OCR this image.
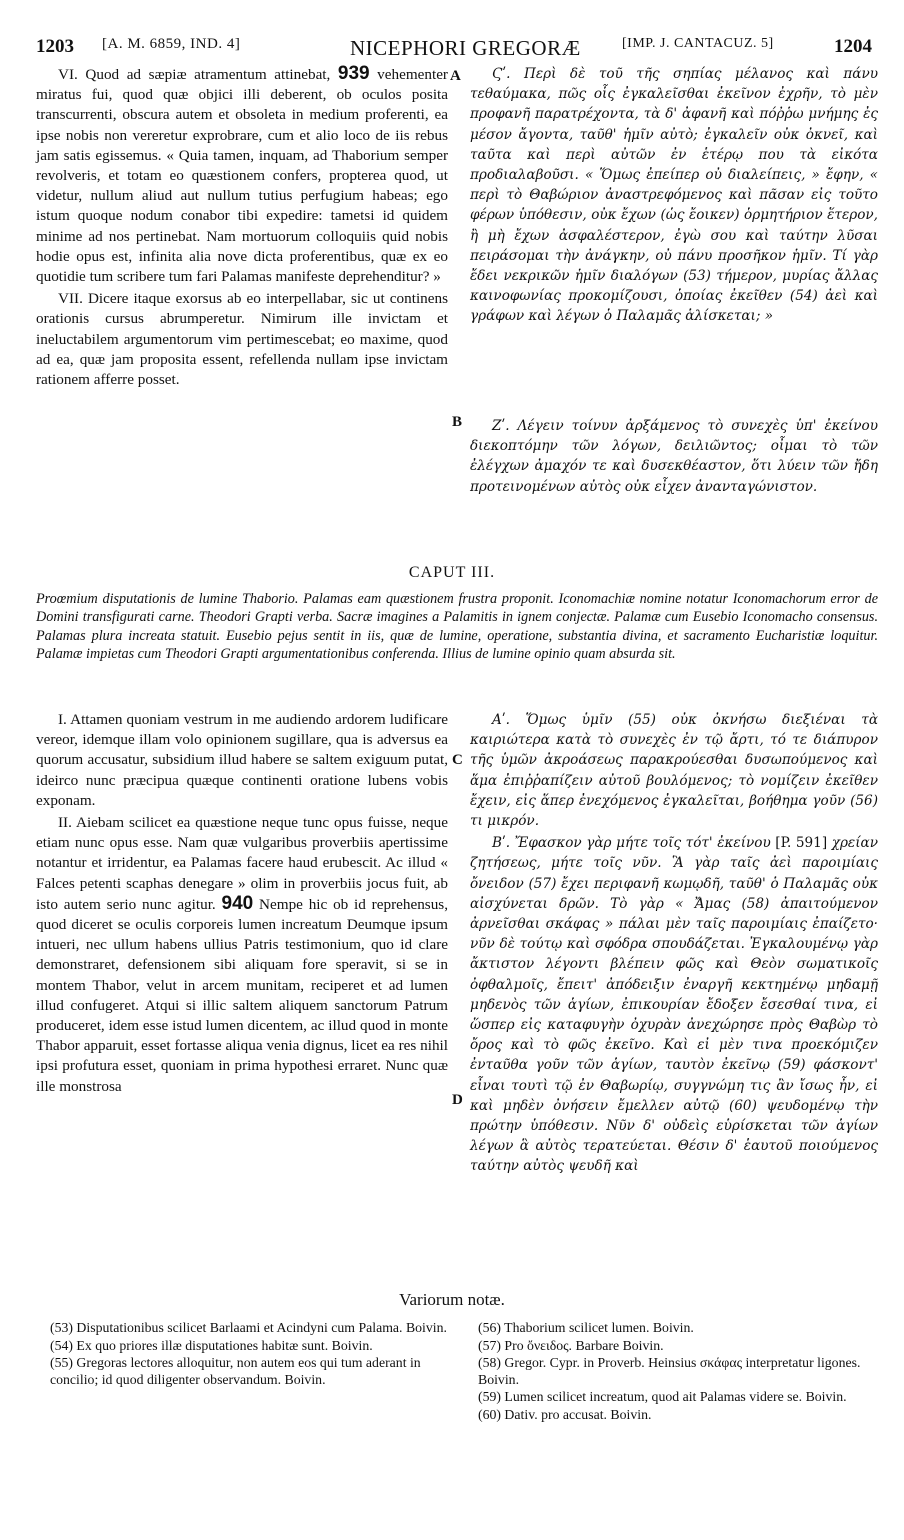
1203 [A. M. 6859, IND. 4]	NICEPHORI GREGORÆ	[IMP. J. CANTACUZ. 5]	1204

VI. Quod ad sæpiæ atramentum attinebat, 939 vehementer miratus fui, quod quæ objici illi deberent, ob oculos posita transcurrenti, obscura autem et obsoleta in medium proferenti, ea ipse nobis non vereretur exprobrare, cum et alio loco de iis rebus jam satis egissemus. « Quia tamen, inquam, ad Thaborium semper revolveris, et totam eo quæstionem confers, propterea quod, ut videtur, nullum aliud aut nullum tutius perfugium habeas; ego istum quoque nodum conabor tibi expedire: tametsi id quidem minime ad nos pertinebat. Nam mortuorum colloquiis quid nobis hodie opus est, infinita alia nove dicta proferentibus, quæ ex eo quotidie tum scribere tum fari Palamas manifeste deprehenditur? »

VII. Dicere itaque exorsus ab eo interpellabar, sic ut continens orationis cursus abrumperetur. Nimirum ille invictam et ineluctabilem argumentorum vim pertimescebat; eo maxime, quod ad ea, quæ jam proposita essent, refellenda nullam ipse invictam rationem afferre posset.

A
B

Ϛʹ. Περὶ δὲ τοῦ τῆς σηπίας μέλανος καὶ πάνυ τεθαύμακα, πῶς οἷς ἐγκαλεῖσθαι ἐκεῖνον ἐχρῆν, τὸ μὲν προφανῆ παρατρέχοντα, τὰ δ' ἀφανῆ καὶ πόῤῥω μνήμης ἐς μέσον ἄγοντα, ταῦθ' ἡμῖν αὐτὸ; ἐγκαλεῖν οὐκ ὀκνεῖ, καὶ ταῦτα καὶ περὶ αὐτῶν ἐν ἑτέρῳ που τὰ εἰκότα προδιαλαβοῦσι. « Ὅμως ἐπείπερ οὐ διαλείπεις, » ἔφην, « περὶ τὸ Θαβώριον ἀναστρεφόμενος καὶ πᾶσαν εἰς τοῦτο φέρων ὑπόθεσιν, οὐκ ἔχων (ὡς ἔοικεν) ὁρμητήριον ἕτερον, ἢ μὴ ἔχων ἀσφαλέστερον, ἐγὼ σου καὶ ταύτην λῦσαι πειράσομαι τὴν ἀνάγκην, οὐ πάνυ προσῆκον ἡμῖν. Τί γὰρ ἔδει νεκρικῶν ἡμῖν διαλόγων (53) τήμερον, μυρίας ἄλλας καινοφωνίας προκομίζουσι, ὁποίας ἐκεῖθεν (54) ἀεὶ καὶ γράφων καὶ λέγων ὁ Παλαμᾶς ἁλίσκεται; »

Ζʹ. Λέγειν τοίνυν ἀρξάμενος τὸ συνεχὲς ὑπ' ἐκείνου διεκοπτόμην τῶν λόγων, δειλιῶντος; οἶμαι τὸ τῶν ἐλέγχων ἀμαχόν τε καὶ δυσεκθέαστον, ὅτι λύειν τῶν ἤδη προτεινομένων αὐτὸς οὐκ εἶχεν ἀνανταγώνιστον.

CAPUT III.
Proœmium disputationis de lumine Thaborio. Palamas eam quæstionem frustra proponit. Iconomachiæ nomine notatur Iconomachorum error de Domini transfigurati carne. Theodori Grapti verba. Sacræ imagines a Palamitis in ignem conjectæ. Palamæ cum Eusebio Iconomacho consensus. Palamas plura increata statuit. Eusebio pejus sentit in iis, quæ de lumine, operatione, substantia divina, et sacramento Eucharistiæ loquitur. Palamæ impietas cum Theodori Grapti argumentationibus conferenda. Illius de lumine opinio quam absurda sit.

I. Attamen quoniam vestrum in me audiendo ardorem ludificare vereor, idemque illam volo opinionem sugillare, qua is adversus ea quorum accusatur, subsidium illud habere se saltem exiguum putat, ideirco nunc præcipua quæque continenti oratione lubens vobis exponam.

II. Aiebam scilicet ea quæstione neque tunc opus fuisse, neque etiam nunc opus esse. Nam quæ vulgaribus proverbiis apertissime notantur et irridentur, ea Palamas facere haud erubescit. Ac illud « Falces petenti scaphas denegare » olim in proverbiis jocus fuit, ab isto autem serio nunc agitur. 940 Nempe hic ob id reprehensus, quod diceret se oculis corporeis lumen increatum Deumque ipsum intueri, nec ullum habens ullius Patris testimonium, quo id clare demonstraret, defensionem sibi aliquam fore speravit, si se in montem Thabor, velut in arcem munitam, reciperet et ad lumen illud confugeret. Atqui si illic saltem aliquem sanctorum Patrum produceret, idem esse istud lumen dicentem, ac illud quod in monte Thabor apparuit, esset fortasse aliqua venia dignus, licet ea res nihil ipsi profutura esset, quoniam in prima hypothesi erraret. Nunc quæ ille monstrosa

C
D

Αʹ. Ὅμως ὑμῖν (55) οὐκ ὀκνήσω διεξιέναι τὰ καιριώτερα κατὰ τὸ συνεχὲς ἐν τῷ ἄρτι, τό τε διάπυρον τῆς ὑμῶν ἀκροάσεως παρακρούεσθαι δυσωπούμενος καὶ ἅμα ἐπιῤῥαπίζειν αὐτοῦ βουλόμενος; τὸ νομίζειν ἐκεῖθεν ἔχειν, εἰς ἅπερ ἐνεχόμενος ἐγκαλεῖται, βοήθημα γοῦν (56) τι μικρόν.

Βʹ. Ἔφασκον γὰρ μήτε τοῖς τότ' ἐκείνου [P. 591] χρείαν ζητήσεως, μήτε τοῖς νῦν. Ἃ γὰρ ταῖς ἀεὶ παροιμίαις ὄνειδον (57) ἔχει περιφανῆ κωμῳδῆ, ταῦθ' ὁ Παλαμᾶς οὐκ αἰσχύνεται δρῶν. Τὸ γὰρ « Ἄμας (58) ἀπαιτούμενον ἀρνεῖσθαι σκάφας » πάλαι μὲν ταῖς παροιμίαις ἐπαίζετο· νῦν δὲ τούτῳ καὶ σφόδρα σπουδάζεται. Ἐγκαλουμένῳ γὰρ ἄκτιστον λέγοντι βλέπειν φῶς καὶ Θεὸν σωματικοῖς ὀφθαλμοῖς, ἔπειτ' ἀπόδειξιν ἐναργῆ κεκτημένῳ μηδαμῇ μηδενὸς τῶν ἁγίων, ἐπικουρίαν ἔδοξεν ἔσεσθαί τινα, εἰ ὥσπερ εἰς καταφυγὴν ὀχυρὰν ἀνεχώρησε πρὸς Θαβὼρ τὸ ὄρος καὶ τὸ φῶς ἐκεῖνο. Καὶ εἰ μὲν τινα προεκόμιζεν ἐνταῦθα γοῦν τῶν ἁγίων, ταυτὸν ἐκεῖνῳ (59) φάσκοντ' εἶναι τουτὶ τῷ ἐν Θαβωρίῳ, συγγνώμη τις ἂν ἴσως ἦν, εἰ καὶ μηδὲν ὀνήσειν ἔμελλεν αὐτῷ (60) ψευδομένῳ τὴν πρώτην ὑπόθεσιν. Νῦν δ' οὐδεὶς εὑρίσκεται τῶν ἁγίων λέγων ἃ αὐτὸς τερατεύεται. Θέσιν δ' ἑαυτοῦ ποιούμενος ταύτην αὐτὸς ψευδῆ καὶ

Variorum notæ.

(53) Disputationibus scilicet Barlaami et Acindyni cum Palama. Boivin.

(54) Ex quo priores illæ disputationes habitæ sunt. Boivin.

(55) Gregoras lectores alloquitur, non autem eos qui tum aderant in concilio; id quod diligenter observandum. Boivin.

(56) Thaborium scilicet lumen. Boivin.

(57) Pro ὄνειδος. Barbare Boivin.

(58) Gregor. Cypr. in Proverb. Heinsius σκάφας interpretatur ligones. Boivin.

(59) Lumen scilicet increatum, quod ait Palamas videre se. Boivin.

(60) Dativ. pro accusat. Boivin.
